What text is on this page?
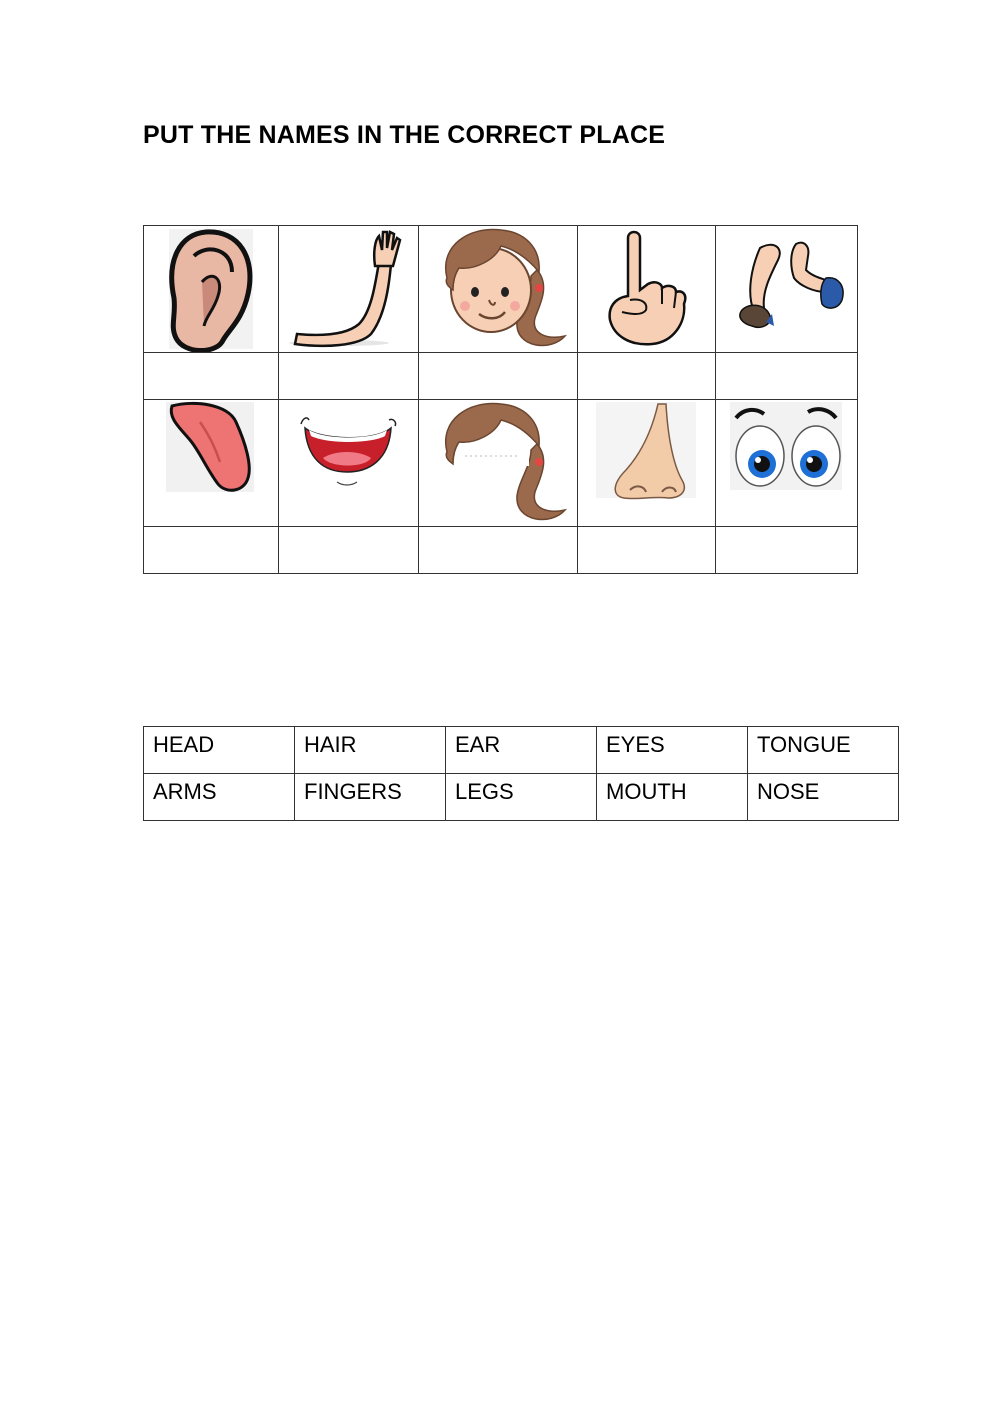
PUT THE NAMES IN THE CORRECT PLACE

HEAD	HAIR	EAR	EYES	TONGUE
ARMS	FINGERS	LEGS	MOUTH	NOSE
